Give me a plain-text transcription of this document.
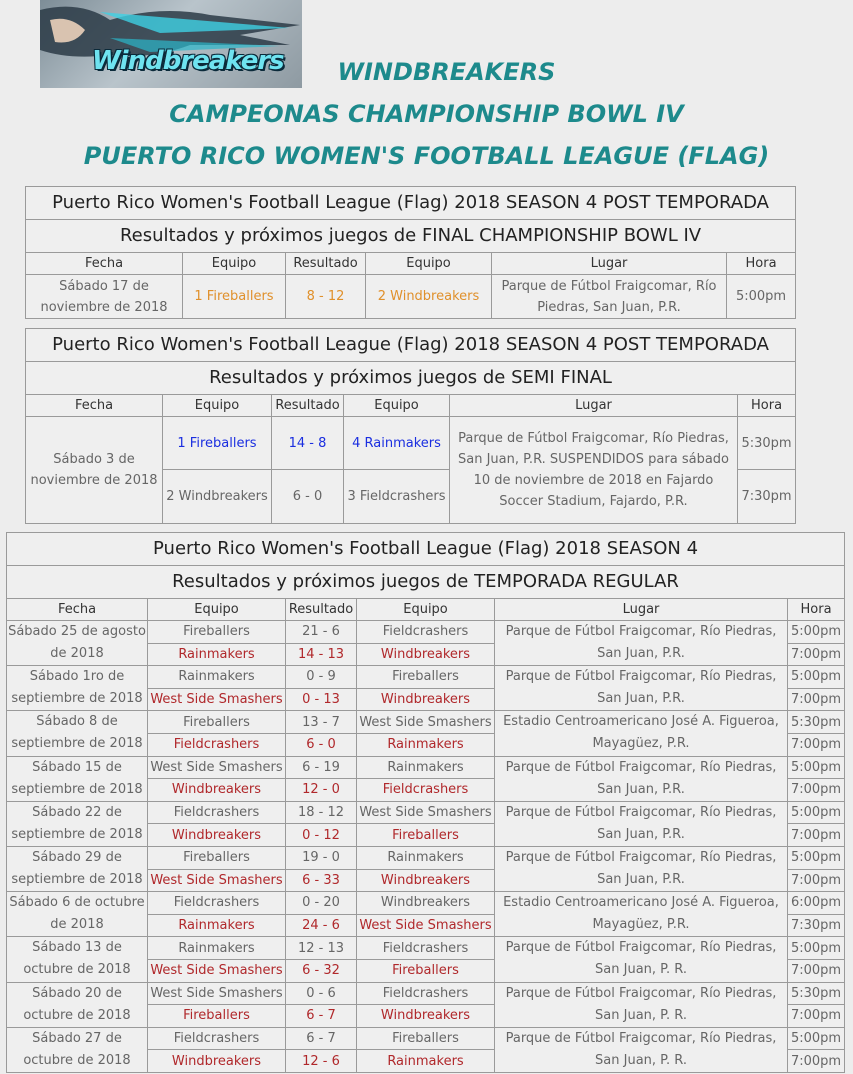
Windbreakers	WINDBREAKERS
CAMPEONAS CHAMPIONSHIP BOWL IV
PUERTO RICO WOMEN'S FOOTBALL LEAGUE (FLAG)
Puerto Rico Women's Football League (Flag) 2018 SEASON 4 POST TEMPORADA					
Resultados y próximos juegos de FINAL CHAMPIONSHIP BOWL IV					
Fecha	Equipo	Resultado	Equipo	Lugar	Hora
Sábado 17 de noviembre de 2018	1 Fireballers	8 - 12	2 Windbreakers	Parque de Fútbol Fraigcomar, Río Piedras, San Juan, P.R.	5:00pm
Puerto Rico Women's Football League (Flag) 2018 SEASON 4 POST TEMPORADA					
Resultados y próximos juegos de SEMI FINAL					
Fecha	Equipo	Resultado	Equipo	Lugar	Hora
Sábado 3 de noviembre de 2018	1 Fireballers	14 - 8	4 Rainmakers	Parque de Fútbol Fraigcomar, Río Piedras, San Juan, P.R. SUSPENDIDOS para sábado 10 de noviembre de 2018 en Fajardo Soccer Stadium, Fajardo, P.R.	5:30pm
	2 Windbreakers	6 - 0	3 Fieldcrashers		7:30pm
Puerto Rico Women's Football League (Flag) 2018 SEASON 4					
Resultados y próximos juegos de TEMPORADA REGULAR					
Fecha	Equipo	Resultado	Equipo	Lugar	Hora
Sábado 25 de agosto de 2018	Fireballers	21 - 6	Fieldcrashers	Parque de Fútbol Fraigcomar, Río Piedras, San Juan, P.R.	5:00pm
	Rainmakers	14 - 13	Windbreakers		7:00pm
Sábado 1ro de septiembre de 2018	Rainmakers	0 - 9	Fireballers	Parque de Fútbol Fraigcomar, Río Piedras, San Juan, P.R.	5:00pm
	West Side Smashers	0 - 13	Windbreakers		7:00pm
Sábado 8 de septiembre de 2018	Fireballers	13 - 7	West Side Smashers	Estadio Centroamericano José A. Figueroa, Mayagüez, P.R.	5:30pm
	Fieldcrashers	6 - 0	Rainmakers		7:00pm
Sábado 15 de septiembre de 2018	West Side Smashers	6 - 19	Rainmakers	Parque de Fútbol Fraigcomar, Río Piedras, San Juan, P.R.	5:00pm
	Windbreakers	12 - 0	Fieldcrashers		7:00pm
Sábado 22 de septiembre de 2018	Fieldcrashers	18 - 12	West Side Smashers	Parque de Fútbol Fraigcomar, Río Piedras, San Juan, P.R.	5:00pm
	Windbreakers	0 - 12	Fireballers		7:00pm
Sábado 29 de septiembre de 2018	Fireballers	19 - 0	Rainmakers	Parque de Fútbol Fraigcomar, Río Piedras, San Juan, P.R.	5:00pm
	West Side Smashers	6 - 33	Windbreakers		7:00pm
Sábado 6 de octubre de 2018	Fieldcrashers	0 - 20	Windbreakers	Estadio Centroamericano José A. Figueroa, Mayagüez, P.R.	6:00pm
	Rainmakers	24 - 6	West Side Smashers		7:30pm
Sábado 13 de octubre de 2018	Rainmakers	12 - 13	Fieldcrashers	Parque de Fútbol Fraigcomar, Río Piedras, San Juan, P. R.	5:00pm
	West Side Smashers	6 - 32	Fireballers		7:00pm
Sábado 20 de octubre de 2018	West Side Smashers	0 - 6	Fieldcrashers	Parque de Fútbol Fraigcomar, Río Piedras, San Juan, P. R.	5:30pm
	Fireballers	6 - 7	Windbreakers		7:00pm
Sábado 27 de octubre de 2018	Fieldcrashers	6 - 7	Fireballers	Parque de Fútbol Fraigcomar, Río Piedras, San Juan, P. R.	5:00pm
	Windbreakers	12 - 6	Rainmakers		7:00pm
